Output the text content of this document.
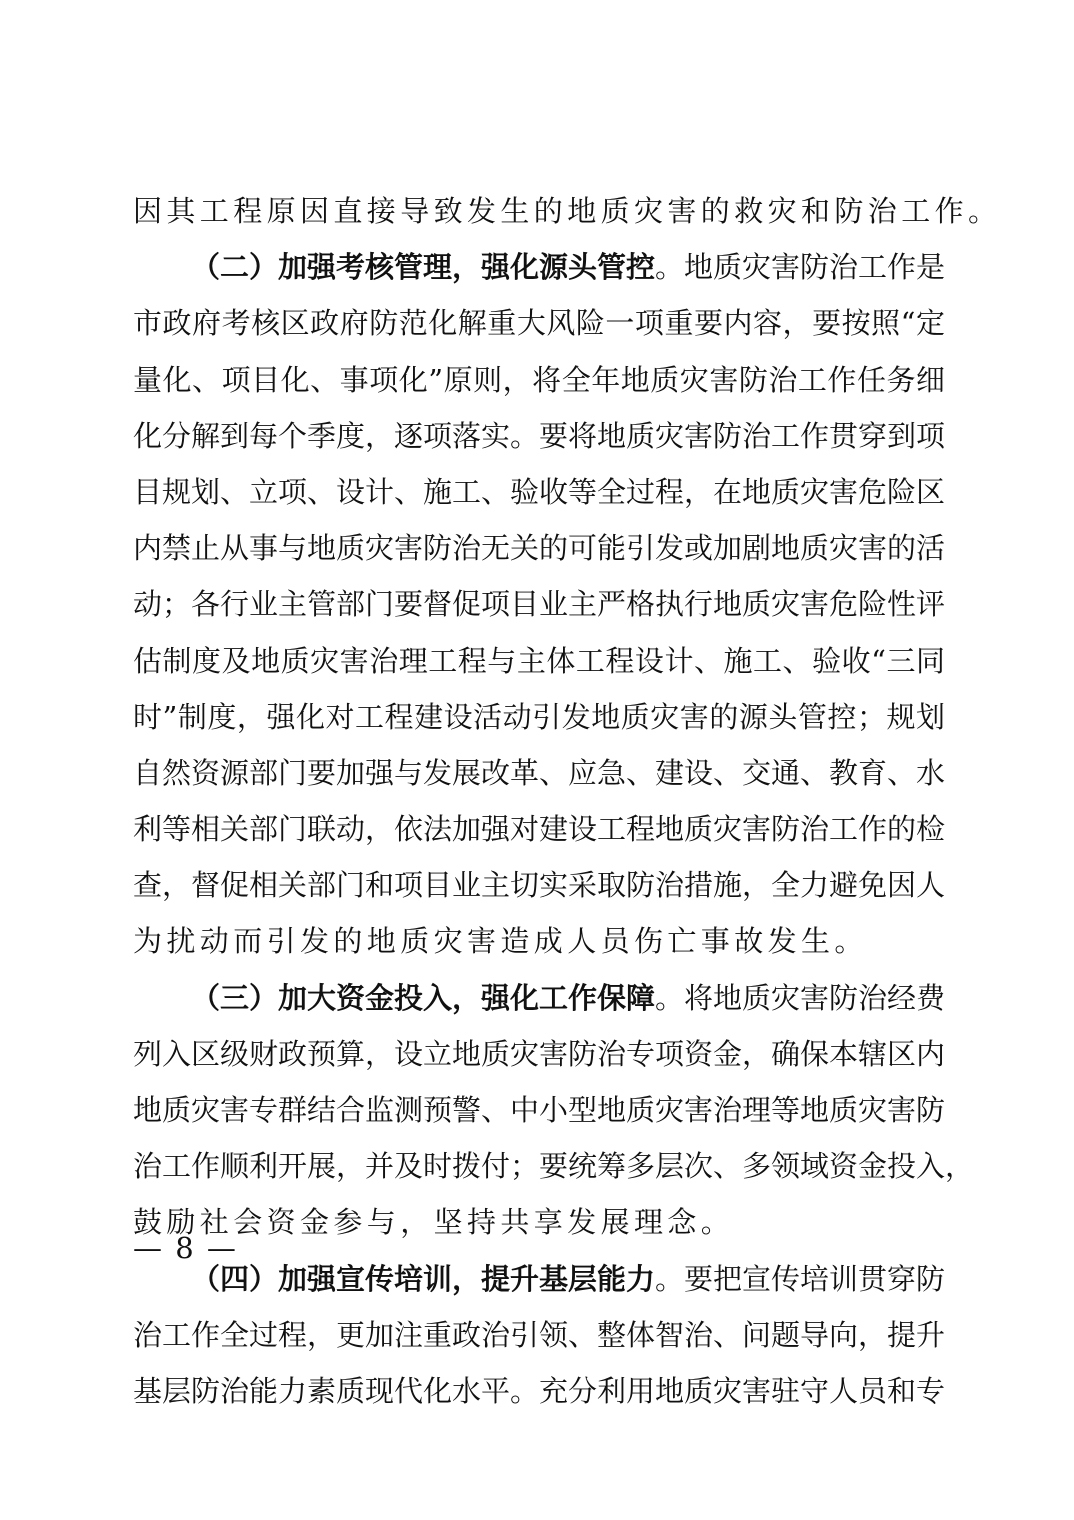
因其工程原因直接导致发生的地质灾害的救灾和防治工作。
（二）加强考核管理，强化源头管控。地质灾害防治工作是
市政府考核区政府防范化解重大风险一项重要内容，要按照“定
量化、项目化、事项化”原则，将全年地质灾害防治工作任务细
化分解到每个季度，逐项落实。要将地质灾害防治工作贯穿到项
目规划、立项、设计、施工、验收等全过程，在地质灾害危险区
内禁止从事与地质灾害防治无关的可能引发或加剧地质灾害的活
动；各行业主管部门要督促项目业主严格执行地质灾害危险性评
估制度及地质灾害治理工程与主体工程设计、施工、验收“三同
时”制度，强化对工程建设活动引发地质灾害的源头管控；规划
自然资源部门要加强与发展改革、应急、建设、交通、教育、水
利等相关部门联动，依法加强对建设工程地质灾害防治工作的检
查，督促相关部门和项目业主切实采取防治措施，全力避免因人
为扰动而引发的地质灾害造成人员伤亡事故发生。
（三）加大资金投入，强化工作保障。将地质灾害防治经费
列入区级财政预算，设立地质灾害防治专项资金，确保本辖区内
地质灾害专群结合监测预警、中小型地质灾害治理等地质灾害防
治工作顺利开展，并及时拨付；要统筹多层次、多领域资金投入，
鼓励社会资金参与，坚持共享发展理念。
（四）加强宣传培训，提升基层能力。要把宣传培训贯穿防
治工作全过程，更加注重政治引领、整体智治、问题导向，提升
基层防治能力素质现代化水平。充分利用地质灾害驻守人员和专
— 8 —
